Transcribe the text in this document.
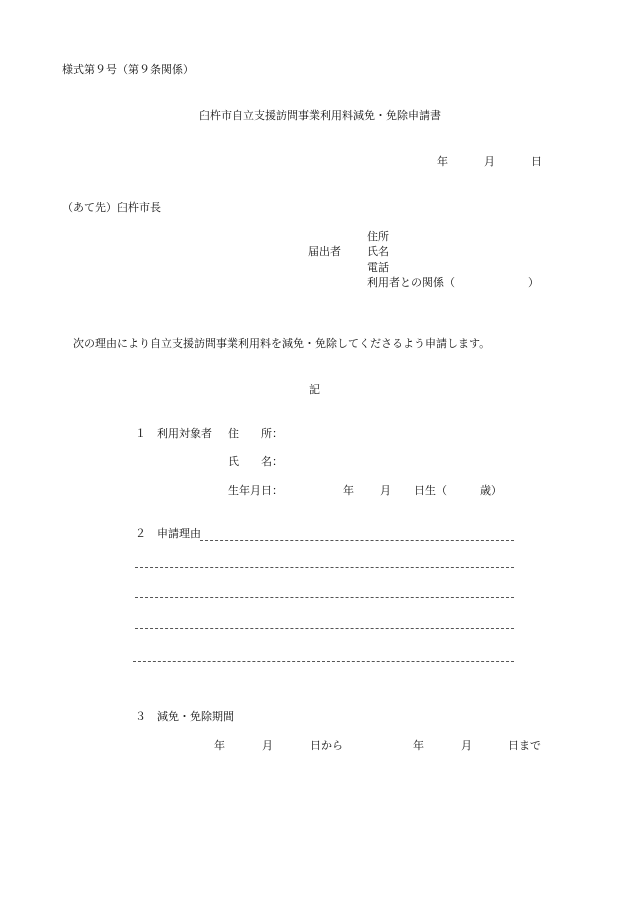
様式第９号（第９条関係）
臼杵市自立支援訪問事業利用料減免・免除申請書
年	月	日
（あて先）臼杵市長
届出者
住所
氏名
電話
利用者との関係（	）
次の理由により自立支援訪問事業利用料を減免・免除してくださるよう申請します。
記
１ 利用対象者 住　　所：
氏　　名：
生年月日：	年 月 日生（	歳）
２ 申請理由
３ 減免・免除期間
年	月	日から	年	月	日まで
